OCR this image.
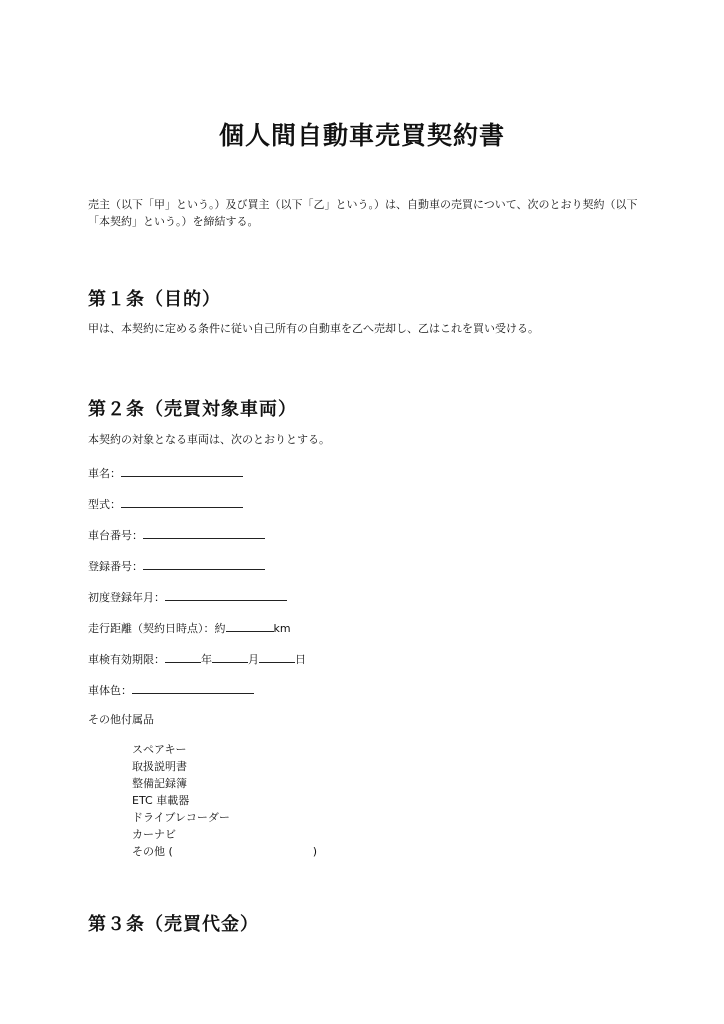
個人間自動車売買契約書

売主（以下「甲」という。）及び買主（以下「乙」という。）は、自動車の売買について、次のとおり契約（以下「本契約」という。）を締結する。

第１条（目的）

甲は、本契約に定める条件に従い自己所有の自動車を乙へ売却し、乙はこれを買い受ける。

第２条（売買対象車両）

本契約の対象となる車両は、次のとおりとする。

車名：
型式：
車台番号：
登録番号：
初度登録年月：
走行距離（契約日時点）：約	km
車検有効期限：	年	月	日
車体色：
その他付属品
スペアキー
取扱説明書
整備記録簿
ETC 車載器
ドライブレコーダー
カーナビ
その他 (	)
第３条（売買代金）
